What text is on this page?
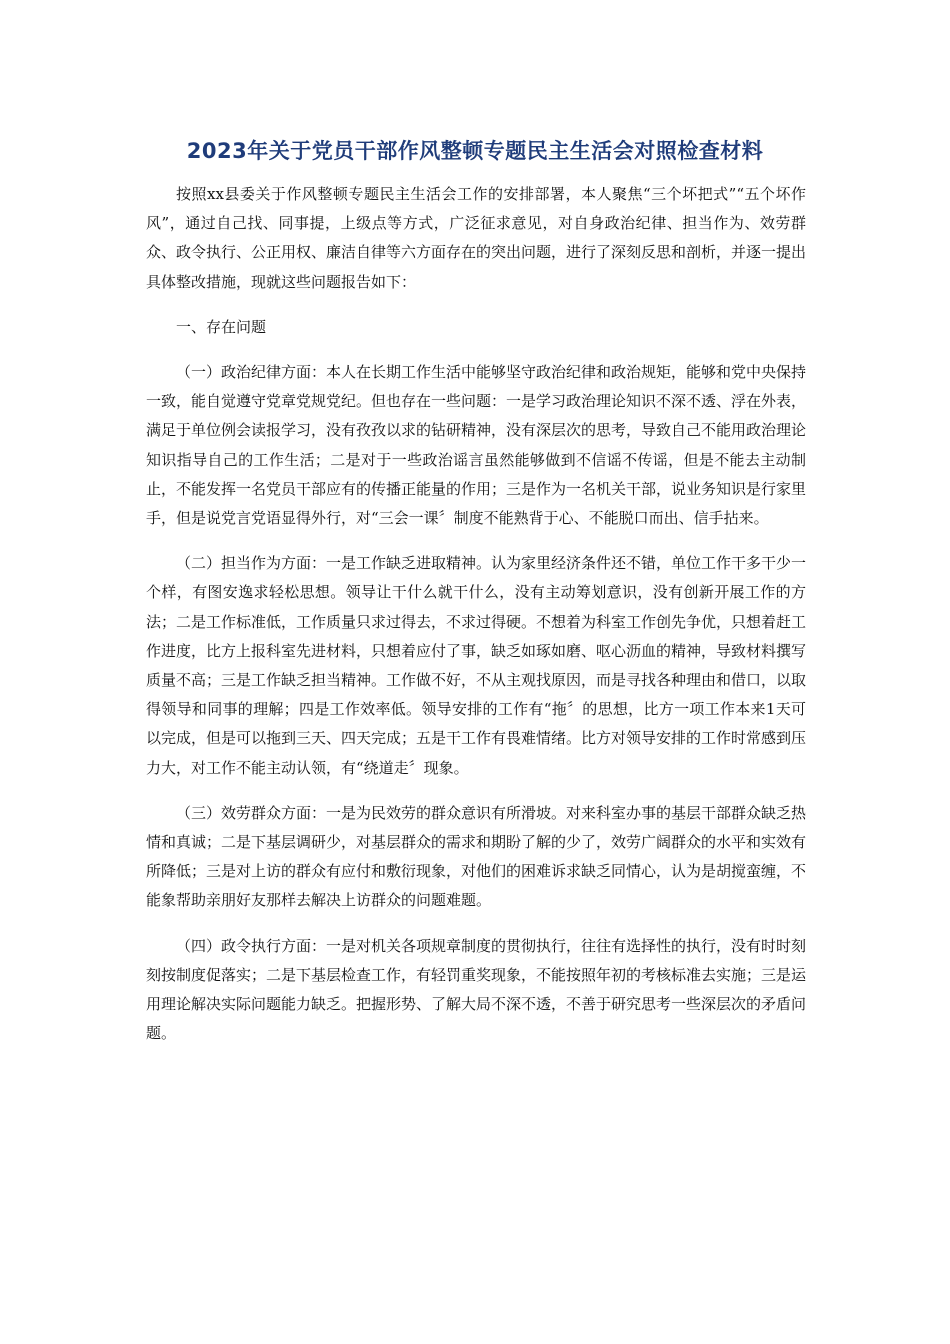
2023年关于党员干部作风整顿专题民主生活会对照检查材料

按照xx县委关于作风整顿专题民主生活会工作的安排部署，本人聚焦“三个坏把式”“五个坏作风”，通过自己找、同事提，上级点等方式，广泛征求意见，对自身政治纪律、担当作为、效劳群众、政令执行、公正用权、廉洁自律等六方面存在的突出问题，进行了深刻反思和剖析，并逐一提出具体整改措施，现就这些问题报告如下：

一、存在问题

（一）政治纪律方面：本人在长期工作生活中能够坚守政治纪律和政治规矩，能够和党中央保持一致，能自觉遵守党章党规党纪。但也存在一些问题：一是学习政治理论知识不深不透、浮在外表，满足于单位例会读报学习，没有孜孜以求的钻研精神，没有深层次的思考，导致自己不能用政治理论知识指导自己的工作生活；二是对于一些政治谣言虽然能够做到不信谣不传谣，但是不能去主动制止，不能发挥一名党员干部应有的传播正能量的作用；三是作为一名机关干部，说业务知识是行家里手，但是说党言党语显得外行，对“三会一课〞制度不能熟背于心、不能脱口而出、信手拈来。

（二）担当作为方面：一是工作缺乏进取精神。认为家里经济条件还不错，单位工作干多干少一个样，有图安逸求轻松思想。领导让干什么就干什么，没有主动筹划意识，没有创新开展工作的方法；二是工作标准低，工作质量只求过得去，不求过得硬。不想着为科室工作创先争优，只想着赶工作进度，比方上报科室先进材料，只想着应付了事，缺乏如琢如磨、呕心沥血的精神，导致材料撰写质量不高；三是工作缺乏担当精神。工作做不好，不从主观找原因，而是寻找各种理由和借口，以取得领导和同事的理解；四是工作效率低。领导安排的工作有“拖〞的思想，比方一项工作本来1天可以完成，但是可以拖到三天、四天完成；五是干工作有畏难情绪。比方对领导安排的工作时常感到压力大，对工作不能主动认领，有“绕道走〞现象。

（三）效劳群众方面：一是为民效劳的群众意识有所滑坡。对来科室办事的基层干部群众缺乏热情和真诚；二是下基层调研少，对基层群众的需求和期盼了解的少了，效劳广阔群众的水平和实效有所降低；三是对上访的群众有应付和敷衍现象，对他们的困难诉求缺乏同情心，认为是胡搅蛮缠，不能象帮助亲朋好友那样去解决上访群众的问题难题。

（四）政令执行方面：一是对机关各项规章制度的贯彻执行，往往有选择性的执行，没有时时刻刻按制度促落实；二是下基层检查工作，有轻罚重奖现象，不能按照年初的考核标准去实施；三是运用理论解决实际问题能力缺乏。把握形势、了解大局不深不透，不善于研究思考一些深层次的矛盾问题。
